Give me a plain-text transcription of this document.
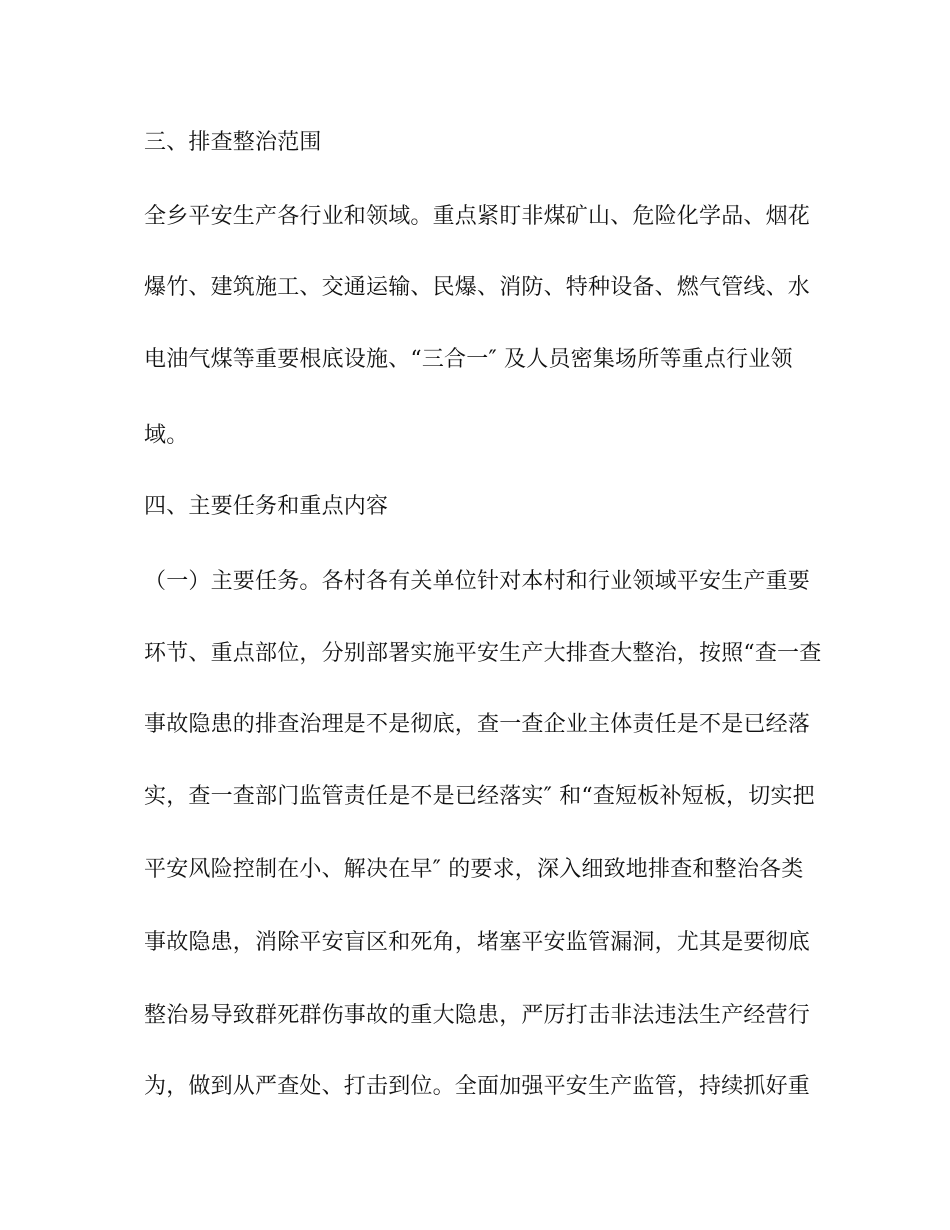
三、排查整治范围
全乡平安生产各行业和领域。重点紧盯非煤矿山、危险化学品、烟花
爆竹、建筑施工、交通运输、民爆、消防、特种设备、燃气管线、水
电油气煤等重要根底设施、“三合一″ 及人员密集场所等重点行业领
域。
四、主要任务和重点内容
（一）主要任务。各村各有关单位针对本村和行业领域平安生产重要
环节、重点部位，分别部署实施平安生产大排查大整治，按照“查一查
事故隐患的排查治理是不是彻底，查一查企业主体责任是不是已经落
实，查一查部门监管责任是不是已经落实″ 和“查短板补短板，切实把
平安风险控制在小、解决在早″ 的要求，深入细致地排查和整治各类
事故隐患，消除平安盲区和死角，堵塞平安监管漏洞，尤其是要彻底
整治易导致群死群伤事故的重大隐患，严厉打击非法违法生产经营行
为，做到从严查处、打击到位。全面加强平安生产监管，持续抓好重
